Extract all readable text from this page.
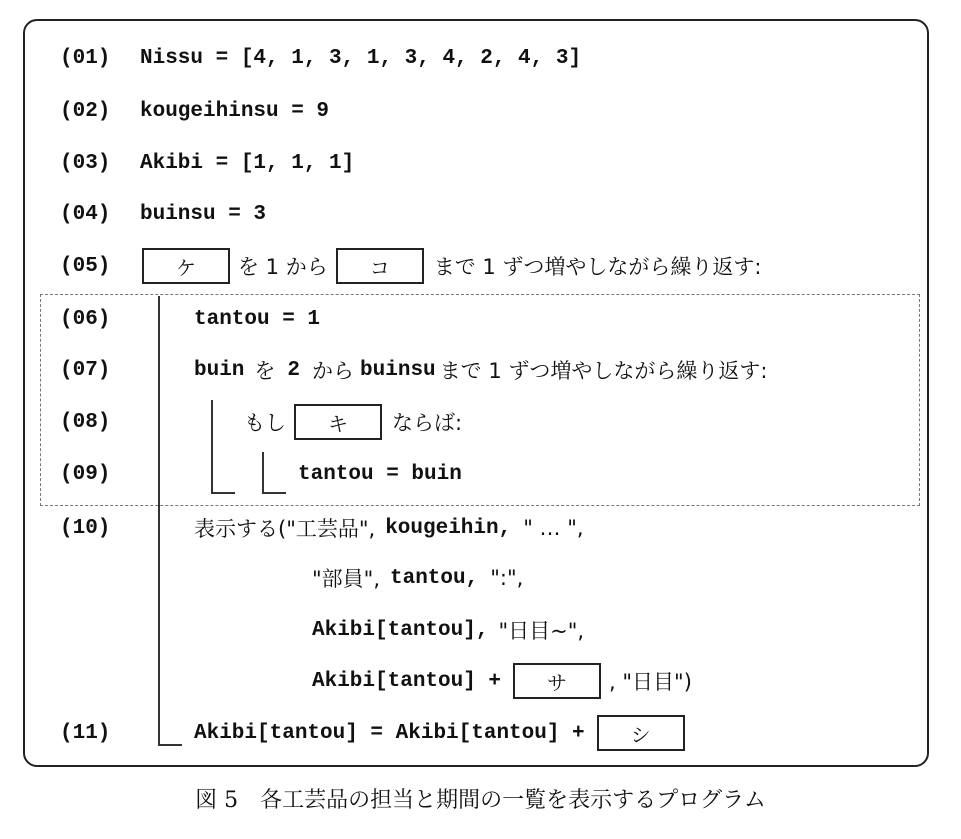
(01) Nissu = [4, 1, 3, 1, 3, 4, 2, 4, 3]
(02) kougeihinsu = 9
(03) Akibi = [1, 1, 1]
(04) buinsu = 3
(05)	ケ	を 1 から	コ	まで 1 ずつ増やしながら繰り返す:
(06)	tantou = 1
(07)	buin を 2 から buinsu まで 1 ずつ増やしながら繰り返す:
(08)	もし	キ	ならば:
(09)	tantou = buin
(10)	表示する("工芸品", kougeihin, " … ",
"部員", tantou, ":",
Akibi[tantou], "日目~",
Akibi[tantou] +	サ	, "日目")
(11)	Akibi[tantou] = Akibi[tantou] +	シ
図 5　各工芸品の担当と期間の一覧を表示するプログラム
